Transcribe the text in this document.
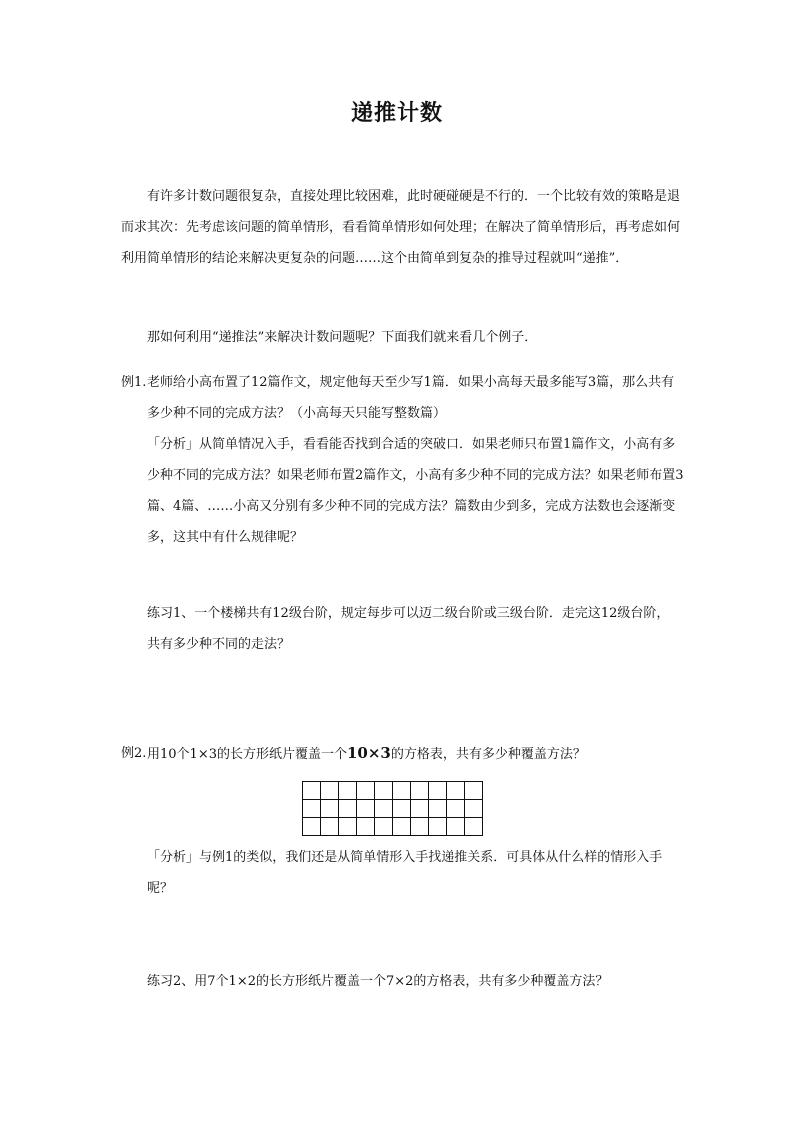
递推计数
有许多计数问题很复杂，直接处理比较困难，此时硬碰硬是不行的．一个比较有效的策略是退而求其次：先考虑该问题的简单情形，看看简单情形如何处理；在解决了简单情形后，再考虑如何利用简单情形的结论来解决更复杂的问题……这个由简单到复杂的推导过程就叫“递推”．
那如何利用“递推法”来解决计数问题呢？下面我们就来看几个例子．
例1. 老师给小高布置了12篇作文，规定他每天至少写1篇．如果小高每天最多能写3篇，那么共有多少种不同的完成方法？（小高每天只能写整数篇）
「分析」从简单情况入手，看看能否找到合适的突破口．如果老师只布置1篇作文，小高有多少种不同的完成方法？如果老师布置2篇作文，小高有多少种不同的完成方法？如果老师布置3篇、4篇、……小高又分别有多少种不同的完成方法？篇数由少到多，完成方法数也会逐渐变多，这其中有什么规律呢？
练习1、一个楼梯共有12级台阶，规定每步可以迈二级台阶或三级台阶．走完这12级台阶，共有多少种不同的走法？
例2. 用10个1×3的长方形纸片覆盖一个10×3的方格表，共有多少种覆盖方法？

「分析」与例1的类似，我们还是从简单情形入手找递推关系．可具体从什么样的情形入手呢？
练习2、用7个1×2的长方形纸片覆盖一个7×2的方格表，共有多少种覆盖方法？
